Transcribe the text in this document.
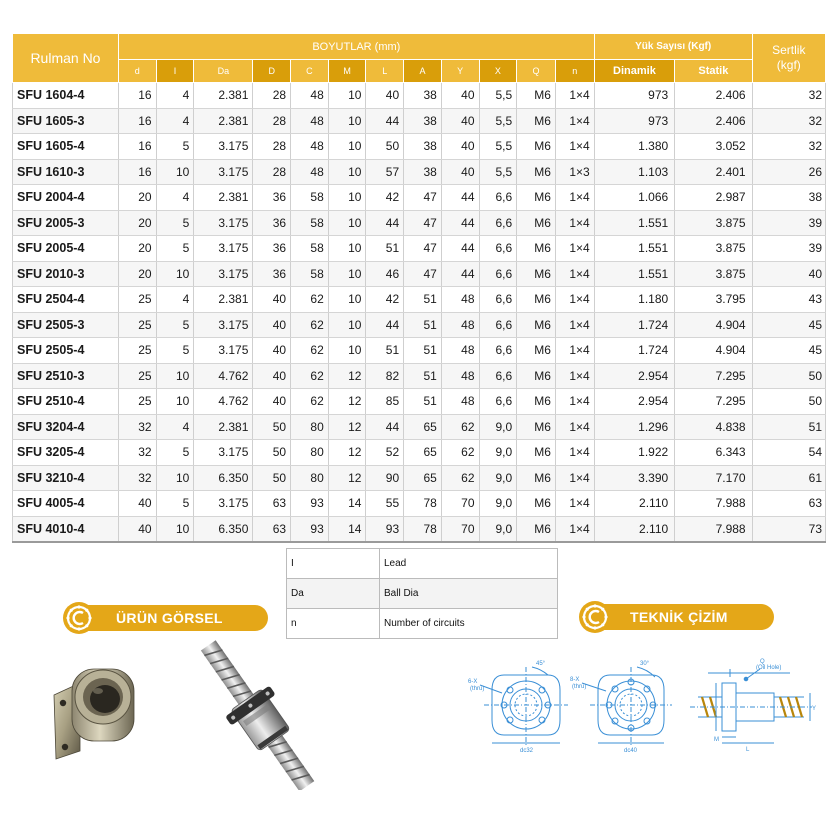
Rulman No	BOYUTLAR (mm)												Yük Sayısı (Kgf)		Sertlik
(kgf)
	d	I	Da	D	C	M	L	A	Y	X	Q	n	Dinamik	Statik	
SFU 1604-4	16	4	2.381	28	48	10	40	38	40	5,5	M6	1×4	973	2.406	32
SFU 1605-3	16	4	2.381	28	48	10	44	38	40	5,5	M6	1×4	973	2.406	32
SFU 1605-4	16	5	3.175	28	48	10	50	38	40	5,5	M6	1×4	1.380	3.052	32
SFU 1610-3	16	10	3.175	28	48	10	57	38	40	5,5	M6	1×3	1.103	2.401	26
SFU 2004-4	20	4	2.381	36	58	10	42	47	44	6,6	M6	1×4	1.066	2.987	38
SFU 2005-3	20	5	3.175	36	58	10	44	47	44	6,6	M6	1×4	1.551	3.875	39
SFU 2005-4	20	5	3.175	36	58	10	51	47	44	6,6	M6	1×4	1.551	3.875	39
SFU 2010-3	20	10	3.175	36	58	10	46	47	44	6,6	M6	1×4	1.551	3.875	40
SFU 2504-4	25	4	2.381	40	62	10	42	51	48	6,6	M6	1×4	1.180	3.795	43
SFU 2505-3	25	5	3.175	40	62	10	44	51	48	6,6	M6	1×4	1.724	4.904	45
SFU 2505-4	25	5	3.175	40	62	10	51	51	48	6,6	M6	1×4	1.724	4.904	45
SFU 2510-3	25	10	4.762	40	62	12	82	51	48	6,6	M6	1×4	2.954	7.295	50
SFU 2510-4	25	10	4.762	40	62	12	85	51	48	6,6	M6	1×4	2.954	7.295	50
SFU 3204-4	32	4	2.381	50	80	12	44	65	62	9,0	M6	1×4	1.296	4.838	51
SFU 3205-4	32	5	3.175	50	80	12	52	65	62	9,0	M6	1×4	1.922	6.343	54
SFU 3210-4	32	10	6.350	50	80	12	90	65	62	9,0	M6	1×4	3.390	7.170	61
SFU 4005-4	40	5	3.175	63	93	14	55	78	70	9,0	M6	1×4	2.110	7.988	63
SFU 4010-4	40	10	6.350	63	93	14	93	78	70	9,0	M6	1×4	2.110	7.988	73
I	Lead
Da	Ball Dia
n	Number of circuits
ÜRÜN GÖRSEL	TEKNİK ÇİZİM
6-X
(thru)
45°
dc32
8-X
(thru)
30°
dc40
Q
(Oil Hole)
M
L
Y
